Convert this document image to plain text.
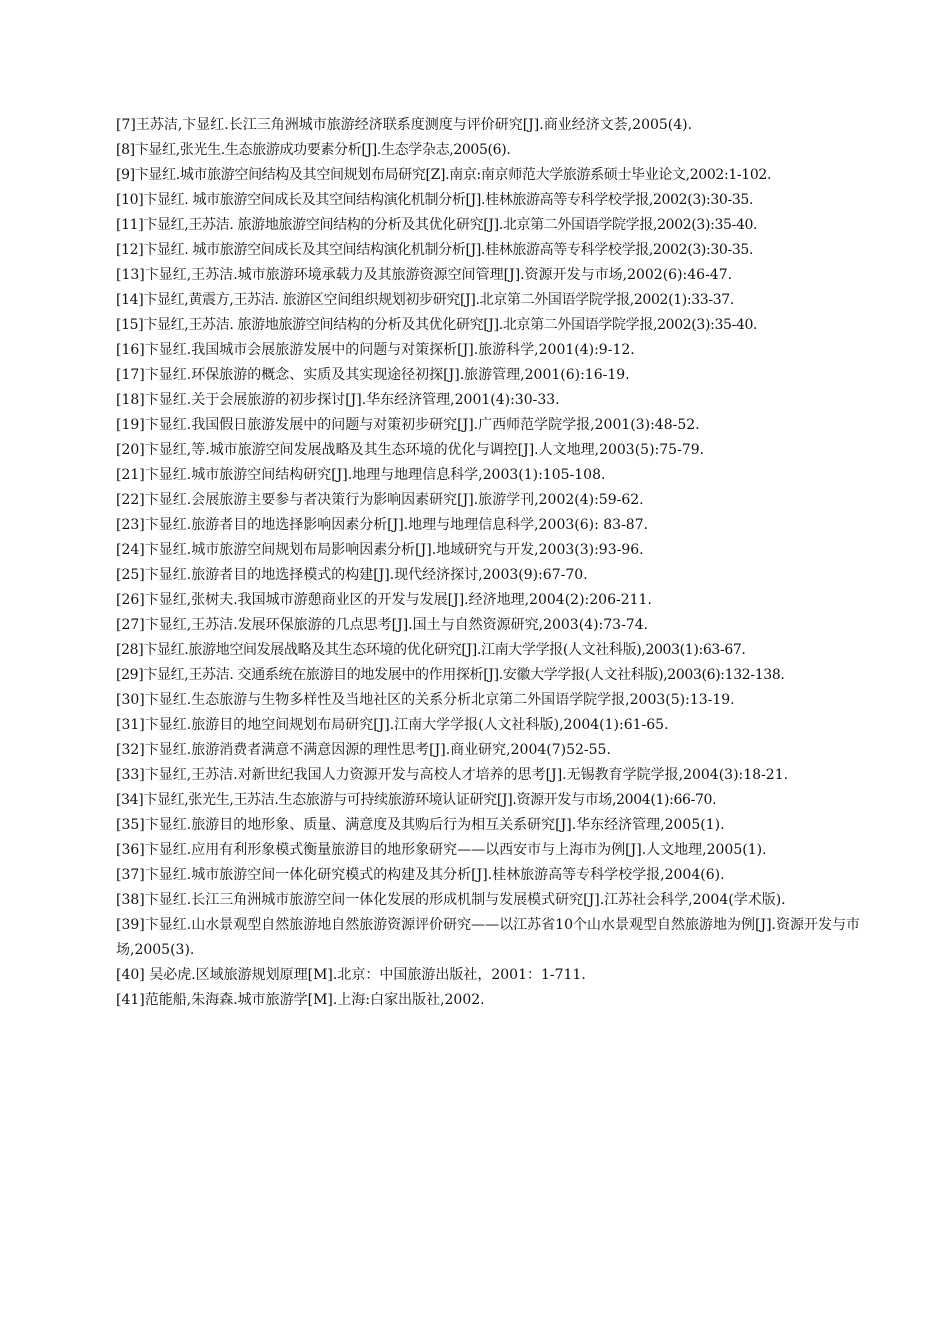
[7]王苏洁,卞显红.长江三角洲城市旅游经济联系度测度与评价研究[J].商业经济文荟,2005(4).
[8]卞显红,张光生.生态旅游成功要素分析[J].生态学杂志,2005(6).
[9]卞显红.城市旅游空间结构及其空间规划布局研究[Z].南京:南京师范大学旅游系硕士毕业论文,2002:1-102.
[10]卞显红. 城市旅游空间成长及其空间结构演化机制分析[J].桂林旅游高等专科学校学报,2002(3):30-35.
[11]卞显红,王苏洁. 旅游地旅游空间结构的分析及其优化研究[J].北京第二外国语学院学报,2002(3):35-40.
[12]卞显红. 城市旅游空间成长及其空间结构演化机制分析[J].桂林旅游高等专科学校学报,2002(3):30-35.
[13]卞显红,王苏洁.城市旅游环境承载力及其旅游资源空间管理[J].资源开发与市场,2002(6):46-47.
[14]卞显红,黄震方,王苏洁. 旅游区空间组织规划初步研究[J].北京第二外国语学院学报,2002(1):33-37.
[15]卞显红,王苏洁. 旅游地旅游空间结构的分析及其优化研究[J].北京第二外国语学院学报,2002(3):35-40.
[16]卞显红.我国城市会展旅游发展中的问题与对策探析[J].旅游科学,2001(4):9-12.
[17]卞显红.环保旅游的概念、实质及其实现途径初探[J].旅游管理,2001(6):16-19.
[18]卞显红.关于会展旅游的初步探讨[J].华东经济管理,2001(4):30-33.
[19]卞显红.我国假日旅游发展中的问题与对策初步研究[J].广西师范学院学报,2001(3):48-52.
[20]卞显红,等.城市旅游空间发展战略及其生态环境的优化与调控[J].人文地理,2003(5):75-79.
[21]卞显红.城市旅游空间结构研究[J].地理与地理信息科学,2003(1):105-108.
[22]卞显红.会展旅游主要参与者决策行为影响因素研究[J].旅游学刊,2002(4):59-62.
[23]卞显红.旅游者目的地选择影响因素分析[J].地理与地理信息科学,2003(6): 83-87.
[24]卞显红.城市旅游空间规划布局影响因素分析[J].地域研究与开发,2003(3):93-96.
[25]卞显红.旅游者目的地选择模式的构建[J].现代经济探讨,2003(9):67-70.
[26]卞显红,张树夫.我国城市游憩商业区的开发与发展[J].经济地理,2004(2):206-211.
[27]卞显红,王苏洁.发展环保旅游的几点思考[J].国土与自然资源研究,2003(4):73-74.
[28]卞显红.旅游地空间发展战略及其生态环境的优化研究[J].江南大学学报(人文社科版),2003(1):63-67.
[29]卞显红,王苏洁. 交通系统在旅游目的地发展中的作用探析[J].安徽大学学报(人文社科版),2003(6):132-138.
[30]卞显红.生态旅游与生物多样性及当地社区的关系分析北京第二外国语学院学报,2003(5):13-19.
[31]卞显红.旅游目的地空间规划布局研究[J].江南大学学报(人文社科版),2004(1):61-65.
[32]卞显红.旅游消费者满意不满意因源的理性思考[J].商业研究,2004(7)52-55.
[33]卞显红,王苏洁.对新世纪我国人力资源开发与高校人才培养的思考[J].无锡教育学院学报,2004(3):18-21.
[34]卞显红,张光生,王苏洁.生态旅游与可持续旅游环境认证研究[J].资源开发与市场,2004(1):66-70.
[35]卞显红.旅游目的地形象、质量、满意度及其购后行为相互关系研究[J].华东经济管理,2005(1).
[36]卞显红.应用有利形象模式衡量旅游目的地形象研究——以西安市与上海市为例[J].人文地理,2005(1).
[37]卞显红.城市旅游空间一体化研究模式的构建及其分析[J].桂林旅游高等专科学校学报,2004(6).
[38]卞显红.长江三角洲城市旅游空间一体化发展的形成机制与发展模式研究[J].江苏社会科学,2004(学术版).
[39]卞显红.山水景观型自然旅游地自然旅游资源评价研究——以江苏省10个山水景观型自然旅游地为例[J].资源开发与市场,2005(3).
[40] 吴必虎.区域旅游规划原理[M].北京：中国旅游出版社，2001：1-711.
[41]范能船,朱海森.城市旅游学[M].上海:白家出版社,2002.
